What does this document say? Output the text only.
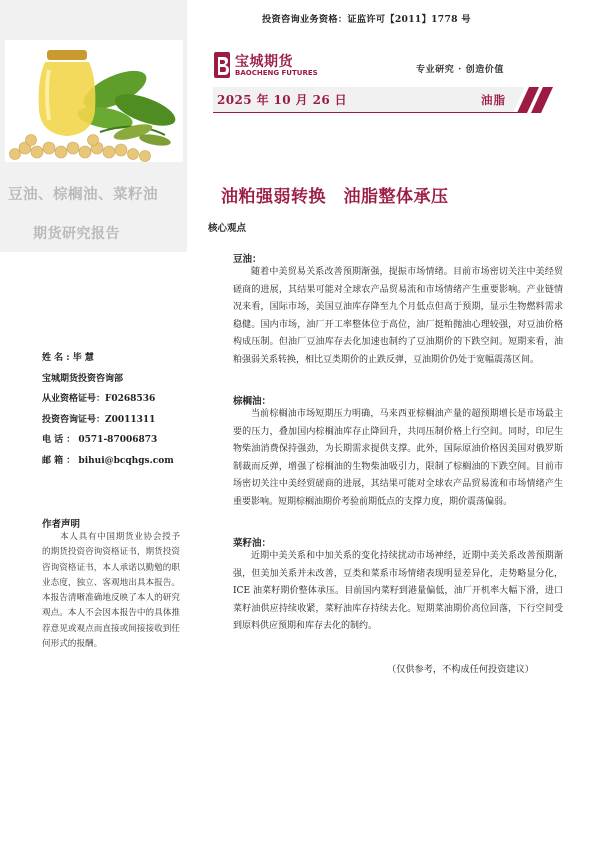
豆油、棕榈油、菜籽油
期货研究报告
姓 名 : 毕 慧
宝城期货投资咨询部
从业资格证号：F0268536
投资咨询证号：Z0011311
电 话 ： 0571-87006873
邮 箱 ： bihui@bcqhgs.com
作者声明
本人具有中国期货业协会授予的期货投资咨询资格证书，期货投资咨询资格证书，本人承诺以勤勉的职业态度，独立、客观地出具本报告。本报告清晰准确地反映了本人的研究观点。本人不会因本报告中的具体推荐意见或观点而直接或间接接收到任何形式的报酬。
投资咨询业务资格：证监许可【2011】1778 号
宝城期货
BAOCHENG FUTURES	专业研究 · 创造价值
2025 年 10 月 26 日	油脂
油粕强弱转换　油脂整体承压
核心观点
豆油：
随着中美贸易关系改善预期渐强，提振市场情绪。目前市场密切关注中美经贸磋商的进展，其结果可能对全球农产品贸易流和市场情绪产生重要影响。产业链情况来看，国际市场，美国豆油库存降至九个月低点但高于预期，显示生物燃料需求稳健。国内市场，油厂开工率整体位于高位，油厂挺粕抛油心理较强，对豆油价格构成压制。但油厂豆油库存去化加速也制约了豆油期价的下跌空间。短期来看，油粕强弱关系转换，相比豆类期价的止跌反弹，豆油期价仍处于宽幅震荡区间。
棕榈油：
当前棕榈油市场短期压力明确，马来西亚棕榈油产量的超预期增长是市场最主要的压力，叠加国内棕榈油库存止降回升，共同压制价格上行空间。同时，印尼生物柴油消费保持强劲，为长期需求提供支撑。此外，国际原油价格因美国对俄罗斯制裁而反弹，增强了棕榈油的生物柴油吸引力，限制了棕榈油的下跌空间。目前市场密切关注中美经贸磋商的进展，其结果可能对全球农产品贸易流和市场情绪产生重要影响。短期棕榈油期价考验前期低点的支撑力度，期价震荡偏弱。
菜籽油：
近期中美关系和中加关系的变化持续扰动市场神经，近期中美关系改善预期渐强，但美加关系并未改善，豆类和菜系市场情绪表现明显差异化，走势略显分化，ICE 油菜籽期价整体承压。目前国内菜籽到港量偏低，油厂开机率大幅下滑，进口菜籽油供应持续收紧，菜籽油库存持续去化。短期菜油期价高位回落，下行空间受到原料供应预期和库存去化的制约。
（仅供参考，不构成任何投资建议）
